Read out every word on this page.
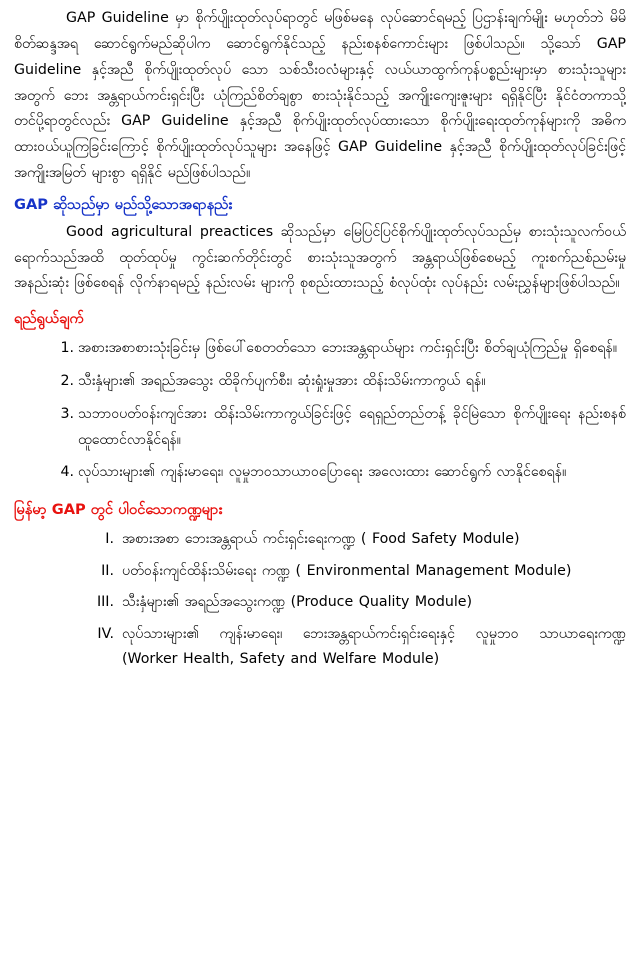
GAP Guideline မှာ စိုက်ပျိုးထုတ်လုပ်ရာတွင် မဖြစ်မနေ လုပ်ဆောင်ရမည့် ပြဌာန်းချက်မျိုး မဟုတ်ဘဲ မိမိစိတ်ဆန္ဒအရ ဆောင်ရွက်မည်ဆိုပါက ဆောင်ရွက်နိုင်သည့် နည်းစနစ်ကောင်းများ ဖြစ်ပါသည်။ သို့သော် GAP Guideline နှင့်အညီ စိုက်ပျိုးထုတ်လုပ် သော သစ်သီးဝလံများနှင့် လယ်ယာထွက်ကုန်ပစ္စည်းများမှာ စားသုံးသူများအတွက် ဘေး အန္တရာယ်ကင်းရှင်းပြီး ယုံကြည်စိတ်ချစွာ စားသုံးနိုင်သည့် အကျိုးကျေးဇူးများ ရရှိနိုင်ပြီး နိုင်ငံတကာသို့ တင်ပို့ရာတွင်လည်း GAP Guideline နှင့်အညီ စိုက်ပျိုးထုတ်လုပ်ထားသော စိုက်ပျိုးရေးထုတ်ကုန်များကို အဓိကထားဝယ်ယူကြခြင်းကြောင့် စိုက်ပျိုးထုတ်လုပ်သူများ အနေဖြင့် GAP Guideline နှင့်အညီ စိုက်ပျိုးထုတ်လုပ်ခြင်းဖြင့် အကျိုးအမြတ် များစွာ ရရှိနိုင် မည်ဖြစ်ပါသည်။

GAP ဆိုသည်မှာ မည်သို့သောအရာနည်း

Good agricultural preactices ဆိုသည်မှာ မြေပြင်ပြင်စိုက်ပျိုးထုတ်လုပ်သည်မှ စားသုံးသူလက်ဝယ်ရောက်သည်အထိ ထုတ်ထုပ်မှု ကွင်းဆက်တိုင်းတွင် စားသုံးသူအတွက် အန္တရာယ်ဖြစ်စေမည့် ကူးစက်ညစ်ညမ်းမှု အနည်းဆုံး ဖြစ်စေရန် လိုက်နာရမည့် နည်းလမ်း များကို စုစည်းထားသည့် စံလုပ်ထုံး လုပ်နည်း လမ်းညွှန်များဖြစ်ပါသည်။

ရည်ရွယ်ချက်
1. အစားအစာစားသုံးခြင်းမှ ဖြစ်ပေါ်စေတတ်သော ဘေးအန္တရာယ်များ ကင်းရှင်းပြီး စိတ်ချယုံကြည်မှု ရှိစေရန်။
2. သီးနှံများ၏ အရည်အသွေး ထိခိုက်ပျက်စီး၊ ဆုံးရှုံးမှုအား ထိန်းသိမ်းကာကွယ် ရန်။
3. သဘာဝပတ်ဝန်းကျင်အား ထိန်းသိမ်းကာကွယ်ခြင်းဖြင့် ရေရှည်တည်တန့် ခိုင်မြဲသော စိုက်ပျိုးရေး နည်းစနစ် ထူထောင်လာနိုင်ရန်။
4. လုပ်သားများ၏ ကျန်းမာရေး၊ လူမှုဘဝသာယာဝပြောရေး အလေးထား ဆောင်ရွက် လာနိုင်စေရန်။
မြန်မာ့ GAP တွင် ပါဝင်သောကဏ္ဍများ
I. အစားအစာ ဘေးအန္တရာယ် ကင်းရှင်းရေးကဏ္ဍ ( Food Safety Module)
II. ပတ်ဝန်းကျင်ထိန်းသိမ်းရေး ကဏ္ဍ ( Environmental Management Module)
III. သီးနှံများ၏ အရည်အသွေးကဏ္ဍ (Produce Quality Module)
IV. လုပ်သားများ၏ ကျန်းမာရေး၊ ဘေးအန္တရာယ်ကင်းရှင်းရေးနှင့် လူမှုဘဝ သာယာရေးကဏ္ဍ (Worker Health, Safety and Welfare Module)
